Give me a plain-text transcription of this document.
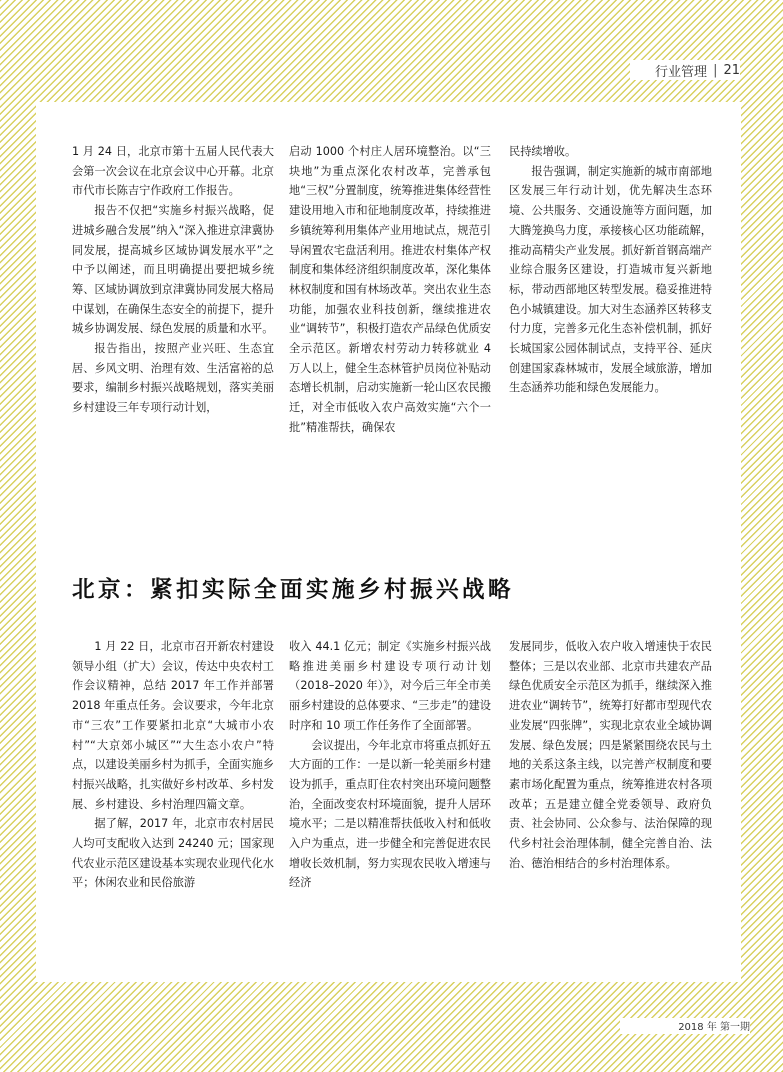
行业管理 | 21

1 月 24 日，北京市第十五届人民代表大会第一次会议在北京会议中心开幕。北京市代市长陈吉宁作政府工作报告。

报告不仅把“实施乡村振兴战略，促进城乡融合发展”纳入“深入推进京津冀协同发展，提高城乡区域协调发展水平”之中予以阐述，而且明确提出要把城乡统筹、区域协调放到京津冀协同发展大格局中谋划，在确保生态安全的前提下，提升城乡协调发展、绿色发展的质量和水平。

报告指出，按照产业兴旺、生态宜居、乡风文明、治理有效、生活富裕的总要求，编制乡村振兴战略规划，落实美丽乡村建设三年专项行动计划，

启动 1000 个村庄人居环境整治。以“三块地”为重点深化农村改革，完善承包地“三权”分置制度，统筹推进集体经营性建设用地入市和征地制度改革，持续推进乡镇统筹利用集体产业用地试点，规范引导闲置农宅盘活利用。推进农村集体产权制度和集体经济组织制度改革，深化集体林权制度和国有林场改革。突出农业生态功能，加强农业科技创新，继续推进农业“调转节”，积极打造农产品绿色优质安全示范区。新增农村劳动力转移就业 4 万人以上，健全生态林管护员岗位补贴动态增长机制，启动实施新一轮山区农民搬迁，对全市低收入农户高效实施“六个一批”精准帮扶，确保农

民持续增收。

报告强调，制定实施新的城市南部地区发展三年行动计划，优先解决生态环境、公共服务、交通设施等方面问题，加大腾笼换鸟力度，承接核心区功能疏解，推动高精尖产业发展。抓好新首钢高端产业综合服务区建设，打造城市复兴新地标，带动西部地区转型发展。稳妥推进特色小城镇建设。加大对生态涵养区转移支付力度，完善多元化生态补偿机制，抓好长城国家公园体制试点，支持平谷、延庆创建国家森林城市，发展全域旅游，增加生态涵养功能和绿色发展能力。

北京：紧扣实际全面实施乡村振兴战略

1 月 22 日，北京市召开新农村建设领导小组（扩大）会议，传达中央农村工作会议精神，总结 2017 年工作并部署 2018 年重点任务。会议要求，今年北京市“三农”工作要紧扣北京“大城市小农村”“大京郊小城区”“大生态小农户”特点，以建设美丽乡村为抓手，全面实施乡村振兴战略，扎实做好乡村改革、乡村发展、乡村建设、乡村治理四篇文章。

据了解，2017 年，北京市农村居民人均可支配收入达到 24240 元；国家现代农业示范区建设基本实现农业现代化水平；休闲农业和民俗旅游

收入 44.1 亿元；制定《实施乡村振兴战略推进美丽乡村建设专项行动计划（2018–2020 年）》，对今后三年全市美丽乡村建设的总体要求、“三步走”的建设时序和 10 项工作任务作了全面部署。

会议提出，今年北京市将重点抓好五大方面的工作：一是以新一轮美丽乡村建设为抓手，重点盯住农村突出环境问题整治，全面改变农村环境面貌，提升人居环境水平；二是以精准帮扶低收入村和低收入户为重点，进一步健全和完善促进农民增收长效机制，努力实现农民收入增速与经济

发展同步，低收入农户收入增速快于农民整体；三是以农业部、北京市共建农产品绿色优质安全示范区为抓手，继续深入推进农业“调转节”，统筹打好都市型现代农业发展“四张牌”，实现北京农业全域协调发展、绿色发展；四是紧紧围绕农民与土地的关系这条主线，以完善产权制度和要素市场化配置为重点，统筹推进农村各项改革；五是建立健全党委领导、政府负责、社会协同、公众参与、法治保障的现代乡村社会治理体制，健全完善自治、法治、德治相结合的乡村治理体系。

2018 年 第一期
